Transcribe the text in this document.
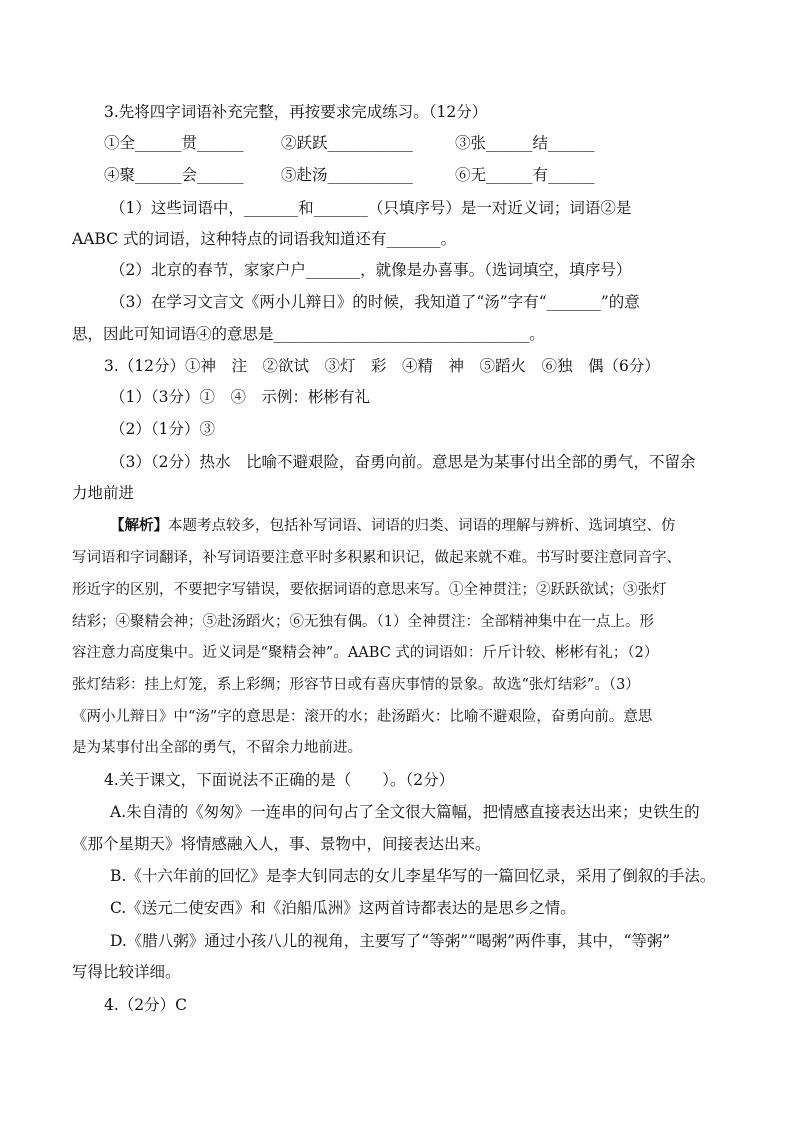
3.先将四字词语补充完整，再按要求完成练习。（12分）
①全______贯______ ②跃跃___________	③张______结______
④聚______会______ ⑤赴汤___________	⑥无______有______
（1）这些词语中，_______和_______（只填序号）是一对近义词；词语②是
AABC 式的词语，这种特点的词语我知道还有_______。
（2）北京的春节，家家户户_______，就像是办喜事。（选词填空，填序号）
（3）在学习文言文《两小儿辩日》的时候，我知道了“汤”字有“_______”的意
思，因此可知词语④的意思是_________________________________。
3.（12分）①神　注　②欲试　③灯　彩　④精　神　⑤蹈火　⑥独　偶（6分）
（1）（3分）①　④　示例：彬彬有礼
（2）（1分）③
（3）（2分）热水　比喻不避艰险，奋勇向前。意思是为某事付出全部的勇气，不留余
力地前进
【解析】本题考点较多，包括补写词语、词语的归类、词语的理解与辨析、选词填空、仿
写词语和字词翻译，补写词语要注意平时多积累和识记，做起来就不难。书写时要注意同音字、
形近字的区别，不要把字写错误，要依据词语的意思来写。①全神贯注；②跃跃欲试；③张灯
结彩；④聚精会神；⑤赴汤蹈火；⑥无独有偶。（1）全神贯注：全部精神集中在一点上。形
容注意力高度集中。近义词是“聚精会神”。AABC 式的词语如：斤斤计较、彬彬有礼；（2）
张灯结彩：挂上灯笼，系上彩绸；形容节日或有喜庆事情的景象。故选“张灯结彩”。（3）
《两小儿辩日》中“汤”字的意思是：滚开的水；赴汤蹈火：比喻不避艰险，奋勇向前。意思
是为某事付出全部的勇气，不留余力地前进。
4.关于课文，下面说法不正确的是（　　）。（2分）
A.朱自清的《匆匆》一连串的问句占了全文很大篇幅，把情感直接表达出来；史铁生的
《那个星期天》将情感融入人，事、景物中，间接表达出来。
B.《十六年前的回忆》是李大钊同志的女儿李星华写的一篇回忆录，采用了倒叙的手法。
C.《送元二使安西》和《泊船瓜洲》这两首诗都表达的是思乡之情。
D.《腊八粥》通过小孩八儿的视角，主要写了“等粥”“喝粥”两件事，其中，“等粥”
写得比较详细。
4.（2分）C
